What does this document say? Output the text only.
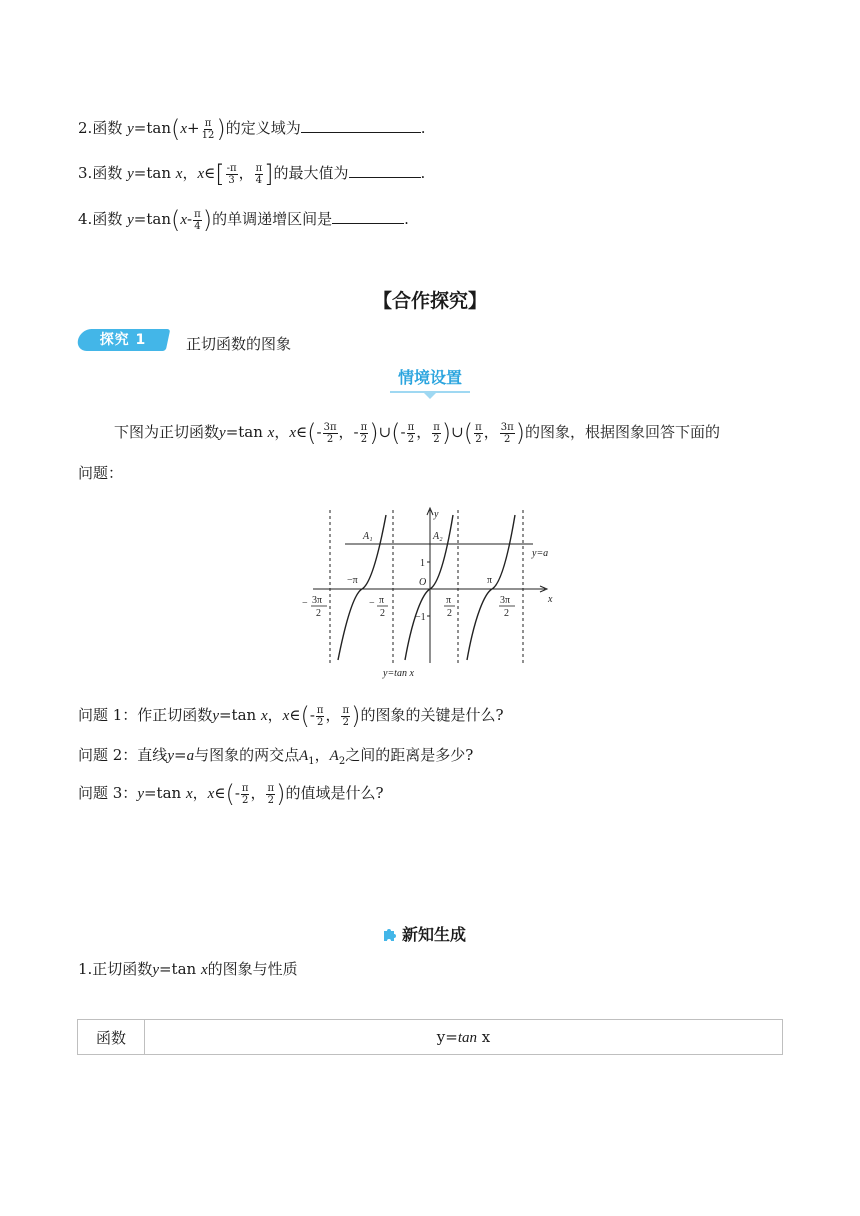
2.函数 $y=\tan(x+ \frac{\pi}{12}$ )的定义域为	.
3.函数 y=tan x，x∈[ $\frac{-\pi}{3}$ ， $\frac{\pi}{4}$ ]的最大值为	.
4.函数 $y=\tan(x- \frac{\pi}{4}$ )的单调递增区间是	.
【合作探究】
探究 1	正切函数的图象
情境设置
下图为正切函数y=tan x，x∈(- $\frac{3\pi}{2}$ ，- $\frac{\pi}{2}$ )∪(- $\frac{\pi}{2}$ ， $\frac{\pi}{2}$ )∪( $\frac{\pi}{2}$ ， $\frac{3\pi}{2}$ )的图象，根据图象回答下面的
问题：
y
x
A₁	A₂
y=a
1
−1
O
−π	π
− 3π
2
− π
2
π
2
3π
2
y=tan x
问题 1：作正切函数y=tan x，x∈(- $\frac{\pi}{2}$ ， $\frac{\pi}{2}$ )的图象的关键是什么?
问题 2：直线y=a与图象的两交点$A_1$，$A_2$之间的距离是多少?
问题 3：y=tan x，x∈(- $\frac{\pi}{2}$ ， $\frac{\pi}{2}$ )的值域是什么?
新知生成
1.正切函数y=tan x的图象与性质
函数	y=tan x
